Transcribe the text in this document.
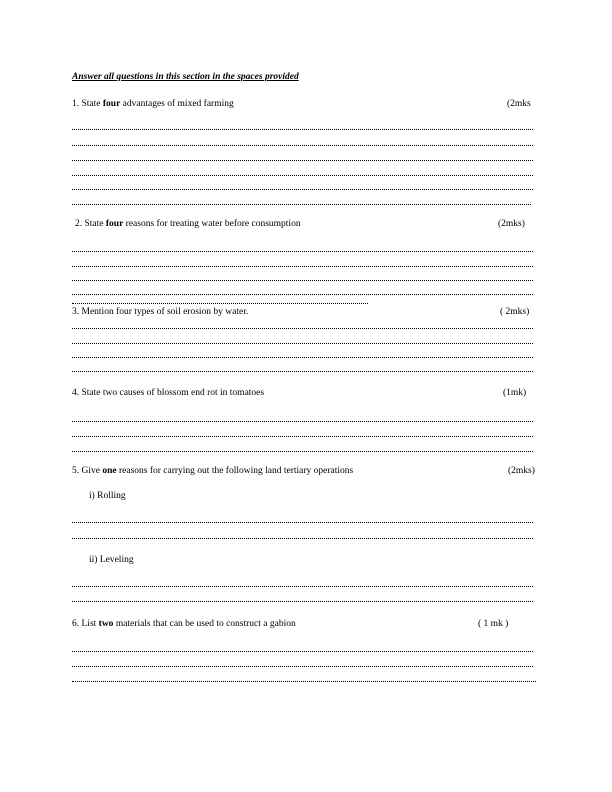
Answer all questions in this section in the spaces provided
1. State four advantages of mixed farming	(2mks
2. State four reasons for treating water before consumption	(2mks)
3. Mention four types of soil erosion by water.	( 2mks)
4. State two causes of blossom end rot in tomatoes	(1mk)
5. Give one reasons for carrying out the following land tertiary operations	(2mks)
i) Rolling
ii) Leveling
6. List two materials that can be used to construct a gabion	( 1 mk )
